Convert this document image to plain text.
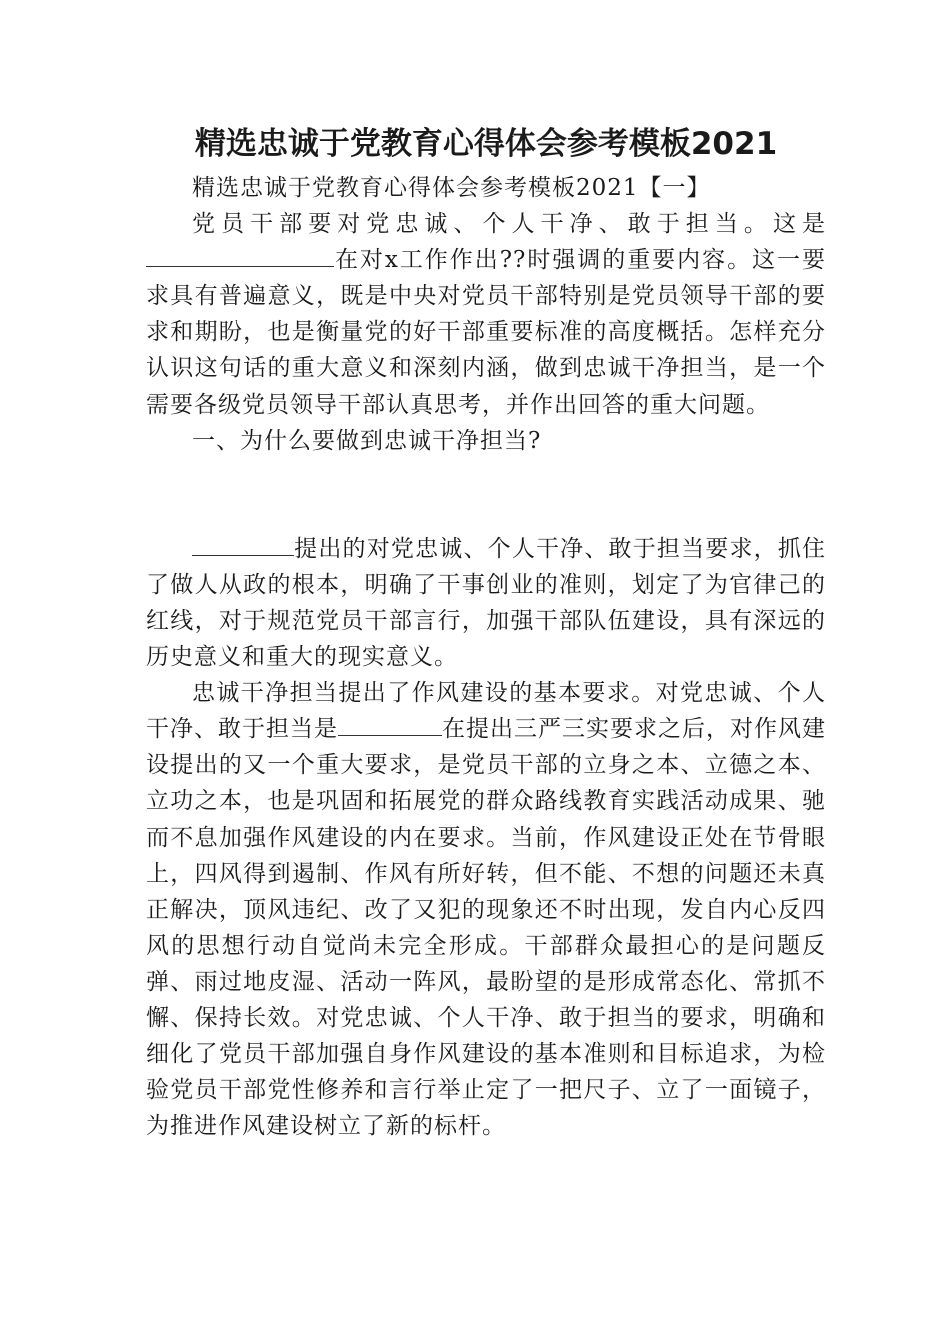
精选忠诚于党教育心得体会参考模板2021

精选忠诚于党教育心得体会参考模板2021【一】

党员干部要对党忠诚、个人干净、敢于担当。这是在对x工作作出??时强调的重要内容。这一要求具有普遍意义，既是中央对党员干部特别是党员领导干部的要求和期盼，也是衡量党的好干部重要标准的高度概括。怎样充分认识这句话的重大意义和深刻内涵，做到忠诚干净担当，是一个需要各级党员领导干部认真思考，并作出回答的重大问题。

一、为什么要做到忠诚干净担当?

提出的对党忠诚、个人干净、敢于担当要求，抓住了做人从政的根本，明确了干事创业的准则，划定了为官律己的红线，对于规范党员干部言行，加强干部队伍建设，具有深远的历史意义和重大的现实意义。

忠诚干净担当提出了作风建设的基本要求。对党忠诚、个人干净、敢于担当是	在提出三严三实要求之后，对作风建设提出的又一个重大要求，是党员干部的立身之本、立德之本、立功之本，也是巩固和拓展党的群众路线教育实践活动成果、驰而不息加强作风建设的内在要求。当前，作风建设正处在节骨眼上，四风得到遏制、作风有所好转，但不能、不想的问题还未真正解决，顶风违纪、改了又犯的现象还不时出现，发自内心反四风的思想行动自觉尚未完全形成。干部群众最担心的是问题反弹、雨过地皮湿、活动一阵风，最盼望的是形成常态化、常抓不懈、保持长效。对党忠诚、个人干净、敢于担当的要求，明确和细化了党员干部加强自身作风建设的基本准则和目标追求，为检验党员干部党性修养和言行举止定了一把尺子、立了一面镜子，为推进作风建设树立了新的标杆。
